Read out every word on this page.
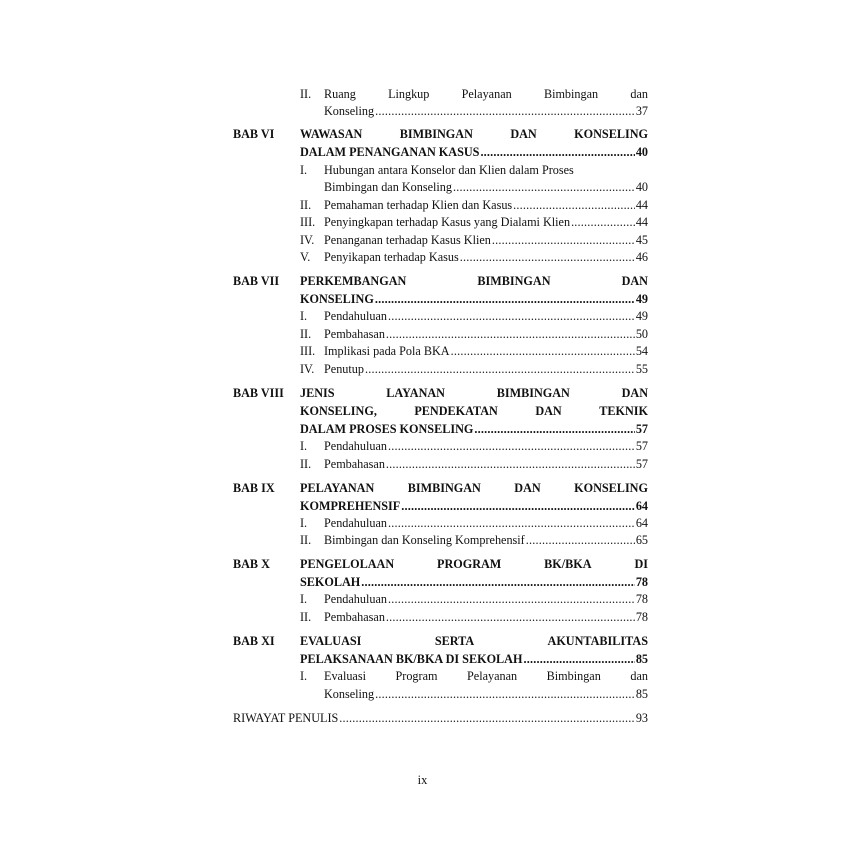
II. Ruang	Lingkup	Pelayanan	Bimbingan	dan
Konseling .....	37
BAB VI WAWASAN	BIMBINGAN	DAN	KONSELING
DALAM PENANGANAN KASUS .....	40
I. Hubungan antara Konselor dan Klien dalam Proses
Bimbingan dan Konseling .....	40
II. Pemahaman terhadap Klien dan Kasus .....	44
III. Penyingkapan terhadap Kasus yang Dialami Klien .....	44
IV. Penanganan terhadap Kasus Klien .....	45
V. Penyikapan terhadap Kasus .....	46
BAB VII PERKEMBANGAN	BIMBINGAN	DAN
KONSELING .....	49
I. Pendahuluan .....	49
II. Pembahasan .....	50
III. Implikasi pada Pola BKA .....	54
IV. Penutup .....	55
BAB VIII JENIS	LAYANAN	BIMBINGAN	DAN
KONSELING,	PENDEKATAN	DAN	TEKNIK
DALAM PROSES KONSELING .....	57
I. Pendahuluan .....	57
II. Pembahasan .....	57
BAB IX PELAYANAN	BIMBINGAN	DAN	KONSELING
KOMPREHENSIF .....	64
I. Pendahuluan .....	64
II. Bimbingan dan Konseling Komprehensif .....	65
BAB X PENGELOLAAN	PROGRAM	BK/BKA	DI
SEKOLAH .....	78
I. Pendahuluan .....	78
II. Pembahasan .....	78
BAB XI EVALUASI	SERTA	AKUNTABILITAS
PELAKSANAAN BK/BKA DI SEKOLAH .....	85
I. Evaluasi Program Pelayanan Bimbingan dan
Konseling .....	85
RIWAYAT PENULIS .....	93
ix
